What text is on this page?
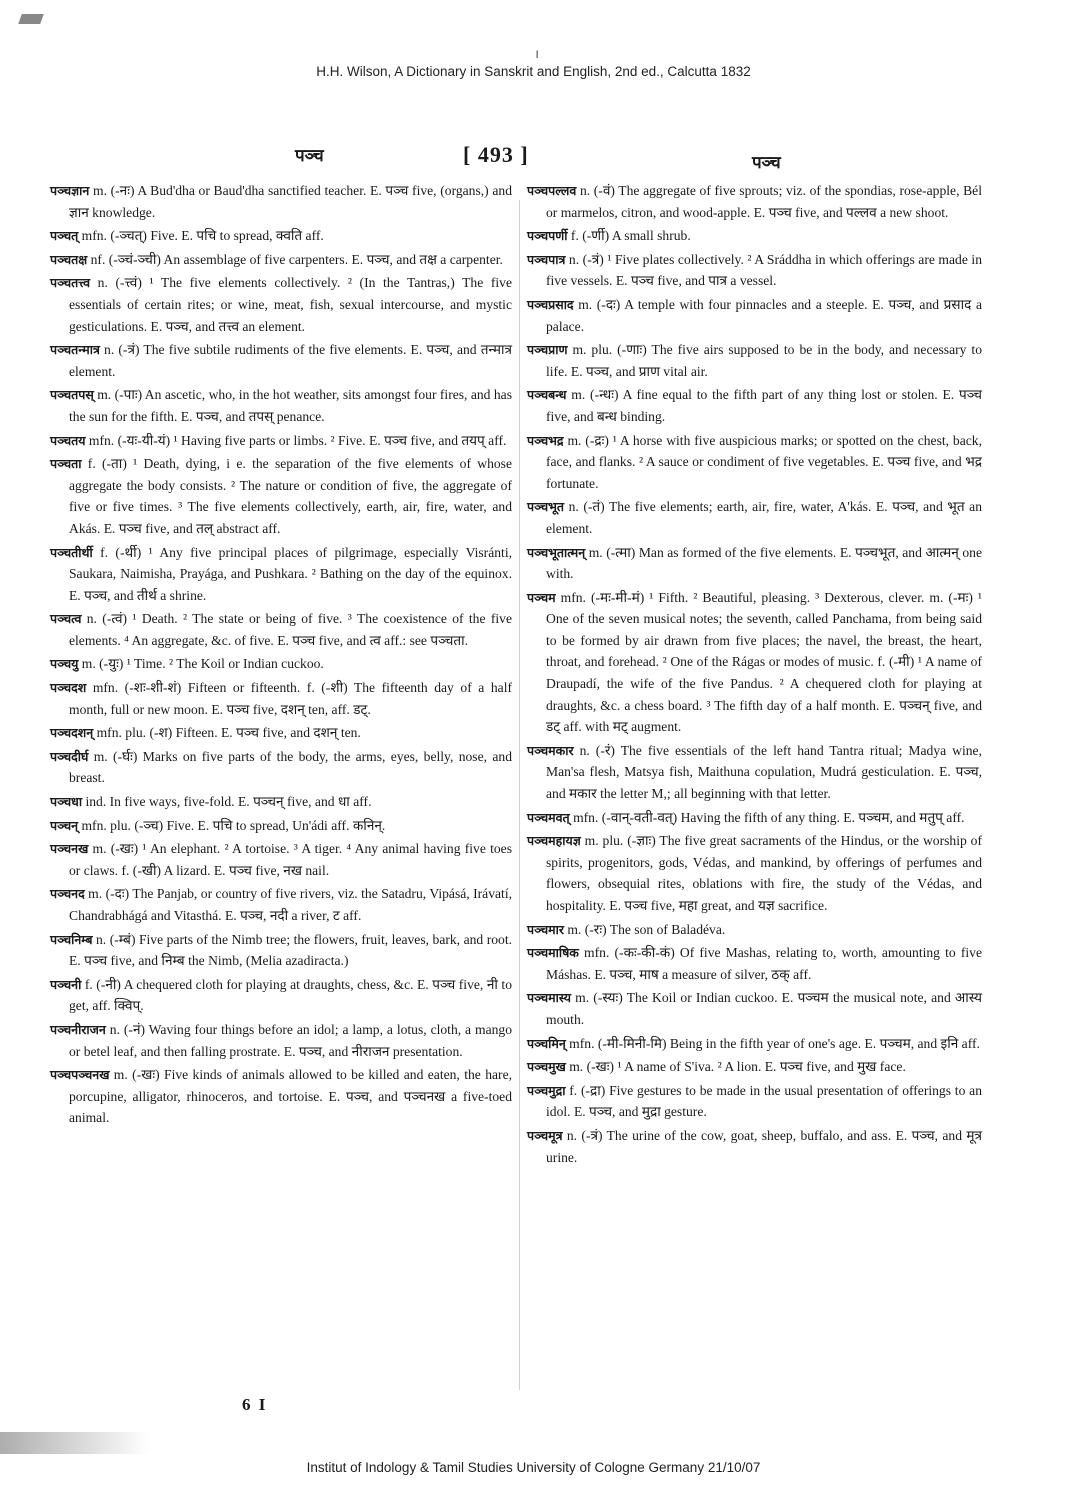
l
H.H. Wilson, A Dictionary in Sanskrit and English, 2nd ed., Calcutta 1832
पञ्च	[ 493 ]	पञ्च
पञ्चज्ञान m. (-नः) A Bud'dha or Baud'dha sanctified teacher. E. पञ्च five, (organs,) and ज्ञान knowledge.
पञ्चत् mfn. (-ञ्चत्) Five. E. पचि to spread, क्वति aff.
पञ्चतक्ष nf. (-ञ्चं-ञ्ची) An assemblage of five carpenters. E. पञ्च, and तक्ष a carpenter.
पञ्चतत्त्व n. (-त्त्वं) ¹ The five elements collectively. ² (In the Tantras,) The five essentials of certain rites; or wine, meat, fish, sexual intercourse, and mystic gesticulations. E. पञ्च, and तत्त्व an element.
पञ्चतन्मात्र n. (-त्रं) The five subtile rudiments of the five elements. E. पञ्च, and तन्मात्र element.
पञ्चतपस् m. (-पाः) An ascetic, who, in the hot weather, sits amongst four fires, and has the sun for the fifth. E. पञ्च, and तपस् penance.
पञ्चतय mfn. (-यः-यी-यं) ¹ Having five parts or limbs. ² Five. E. पञ्च five, and तयप् aff.
पञ्चता f. (-ता) ¹ Death, dying, i e. the separation of the five elements of whose aggregate the body consists. ² The nature or condition of five, the aggregate of five or five times. ³ The five elements collectively, earth, air, fire, water, and Akás. E. पञ्च five, and तल् abstract aff.
पञ्चतीर्थी f. (-र्थी) ¹ Any five principal places of pilgrimage, especially Visránti, Saukara, Naimisha, Prayága, and Pushkara. ² Bathing on the day of the equinox. E. पञ्च, and तीर्थ a shrine.
पञ्चत्व n. (-त्वं) ¹ Death. ² The state or being of five. ³ The coexistence of the five elements. ⁴ An aggregate, &c. of five. E. पञ्च five, and त्व aff.: see पञ्चता.
पञ्चयु m. (-युः) ¹ Time. ² The Koil or Indian cuckoo.
पञ्चदश mfn. (-शः-शी-शं) Fifteen or fifteenth. f. (-शी) The fifteenth day of a half month, full or new moon. E. पञ्च five, दशन् ten, aff. डट्.
पञ्चदशन् mfn. plu. (-श) Fifteen. E. पञ्च five, and दशन् ten.
पञ्चदीर्घ m. (-र्घः) Marks on five parts of the body, the arms, eyes, belly, nose, and breast.
पञ्चधा ind. In five ways, five-fold. E. पञ्चन् five, and धा aff.
पञ्चन् mfn. plu. (-ञ्च) Five. E. पचि to spread, Un'ádi aff. कनिन्.
पञ्चनख m. (-खः) ¹ An elephant. ² A tortoise. ³ A tiger. ⁴ Any animal having five toes or claws. f. (-खी) A lizard. E. पञ्च five, नख nail.
पञ्चनद m. (-दः) The Panjab, or country of five rivers, viz. the Satadru, Vipásá, Irávatí, Chandrabhágá and Vitasthá. E. पञ्च, नदी a river, ट aff.
पञ्चनिम्ब n. (-म्बं) Five parts of the Nimb tree; the flowers, fruit, leaves, bark, and root. E. पञ्च five, and निम्ब the Nimb, (Melia azadiracta.)
पञ्चनी f. (-नी) A chequered cloth for playing at draughts, chess, &c. E. पञ्च five, नी to get, aff. क्विप्.
पञ्चनीराजन n. (-नं) Waving four things before an idol; a lamp, a lotus, cloth, a mango or betel leaf, and then falling prostrate. E. पञ्च, and नीराजन presentation.
पञ्चपञ्चनख m. (-खः) Five kinds of animals allowed to be killed and eaten, the hare, porcupine, alligator, rhinoceros, and tortoise. E. पञ्च, and पञ्चनख a five-toed animal.
पञ्चपल्लव n. (-वं) The aggregate of five sprouts; viz. of the spondias, rose-apple, Bél or marmelos, citron, and wood-apple. E. पञ्च five, and पल्लव a new shoot.
पञ्चपर्णी f. (-र्णी) A small shrub.
पञ्चपात्र n. (-त्रं) ¹ Five plates collectively. ² A Sráddha in which offerings are made in five vessels. E. पञ्च five, and पात्र a vessel.
पञ्चप्रसाद m. (-दः) A temple with four pinnacles and a steeple. E. पञ्च, and प्रसाद a palace.
पञ्चप्राण m. plu. (-णाः) The five airs supposed to be in the body, and necessary to life. E. पञ्च, and प्राण vital air.
पञ्चबन्ध m. (-न्धः) A fine equal to the fifth part of any thing lost or stolen. E. पञ्च five, and बन्ध binding.
पञ्चभद्र m. (-द्रः) ¹ A horse with five auspicious marks; or spotted on the chest, back, face, and flanks. ² A sauce or condiment of five vegetables. E. पञ्च five, and भद्र fortunate.
पञ्चभूत n. (-तं) The five elements; earth, air, fire, water, A'kás. E. पञ्च, and भूत an element.
पञ्चभूतात्मन् m. (-त्मा) Man as formed of the five elements. E. पञ्चभूत, and आत्मन् one with.
पञ्चम mfn. (-मः-मी-मं) ¹ Fifth. ² Beautiful, pleasing. ³ Dexterous, clever. m. (-मः) ¹ One of the seven musical notes; the seventh, called Panchama, from being said to be formed by air drawn from five places; the navel, the breast, the heart, throat, and forehead. ² One of the Rágas or modes of music. f. (-मी) ¹ A name of Draupadí, the wife of the five Pandus. ² A chequered cloth for playing at draughts, &c. a chess board. ³ The fifth day of a half month. E. पञ्चन् five, and डट् aff. with मट् augment.
पञ्चमकार n. (-रं) The five essentials of the left hand Tantra ritual; Madya wine, Man'sa flesh, Matsya fish, Maithuna copulation, Mudrá gesticulation. E. पञ्च, and मकार the letter M,; all beginning with that letter.
पञ्चमवत् mfn. (-वान्-वती-वत्) Having the fifth of any thing. E. पञ्चम, and मतुप् aff.
पञ्चमहायज्ञ m. plu. (-ज्ञाः) The five great sacraments of the Hindus, or the worship of spirits, progenitors, gods, Védas, and mankind, by offerings of perfumes and flowers, obsequial rites, oblations with fire, the study of the Védas, and hospitality. E. पञ्च five, महा great, and यज्ञ sacrifice.
पञ्चमार m. (-रः) The son of Baladéva.
पञ्चमाषिक mfn. (-कः-की-कं) Of five Mashas, relating to, worth, amounting to five Máshas. E. पञ्च, माष a measure of silver, ठक् aff.
पञ्चमास्य m. (-स्यः) The Koil or Indian cuckoo. E. पञ्चम the musical note, and आस्य mouth.
पञ्चमिन् mfn. (-मी-मिनी-मि) Being in the fifth year of one's age. E. पञ्चम, and इनि aff.
पञ्चमुख m. (-खः) ¹ A name of S'iva. ² A lion. E. पञ्च five, and मुख face.
पञ्चमुद्रा f. (-द्रा) Five gestures to be made in the usual presentation of offerings to an idol. E. पञ्च, and मुद्रा gesture.
पञ्चमूत्र n. (-त्रं) The urine of the cow, goat, sheep, buffalo, and ass. E. पञ्च, and मूत्र urine.
6 I
Institut of Indology & Tamil Studies University of Cologne Germany 21/10/07
